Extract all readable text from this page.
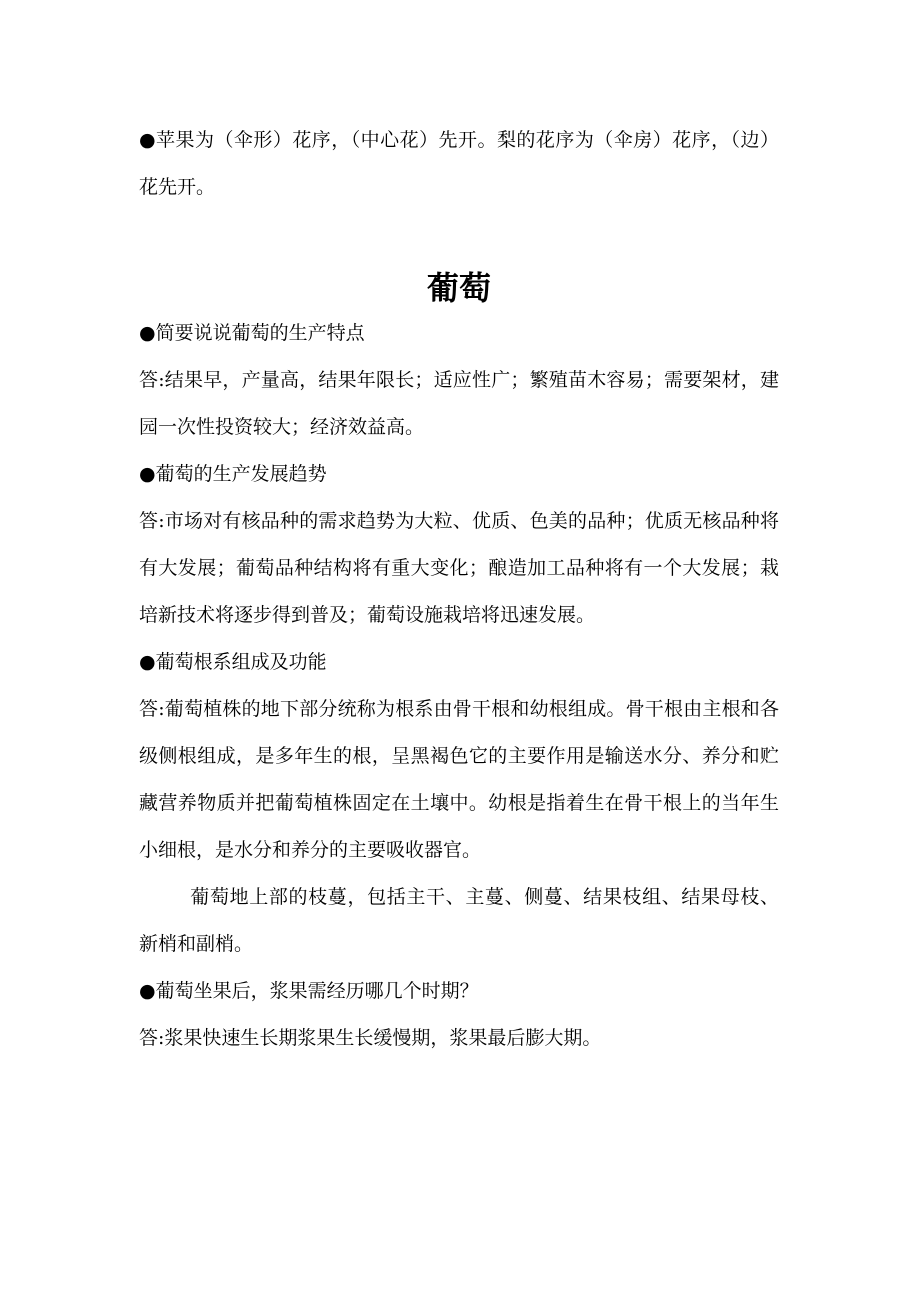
●苹果为（伞形）花序，（中心花）先开。梨的花序为（伞房）花序，（边）花先开。

葡萄

●简要说说葡萄的生产特点

答:结果早，产量高，结果年限长；适应性广；繁殖苗木容易；需要架材，建园一次性投资较大；经济效益高。

●葡萄的生产发展趋势

答:市场对有核品种的需求趋势为大粒、优质、色美的品种；优质无核品种将有大发展；葡萄品种结构将有重大变化；酿造加工品种将有一个大发展；栽培新技术将逐步得到普及；葡萄设施栽培将迅速发展。

●葡萄根系组成及功能

答:葡萄植株的地下部分统称为根系由骨干根和幼根组成。骨干根由主根和各级侧根组成，是多年生的根，呈黑褐色它的主要作用是输送水分、养分和贮藏营养物质并把葡萄植株固定在土壤中。幼根是指着生在骨干根上的当年生小细根，是水分和养分的主要吸收器官。

葡萄地上部的枝蔓，包括主干、主蔓、侧蔓、结果枝组、结果母枝、新梢和副梢。

●葡萄坐果后，浆果需经历哪几个时期？

答:浆果快速生长期浆果生长缓慢期，浆果最后膨大期。
